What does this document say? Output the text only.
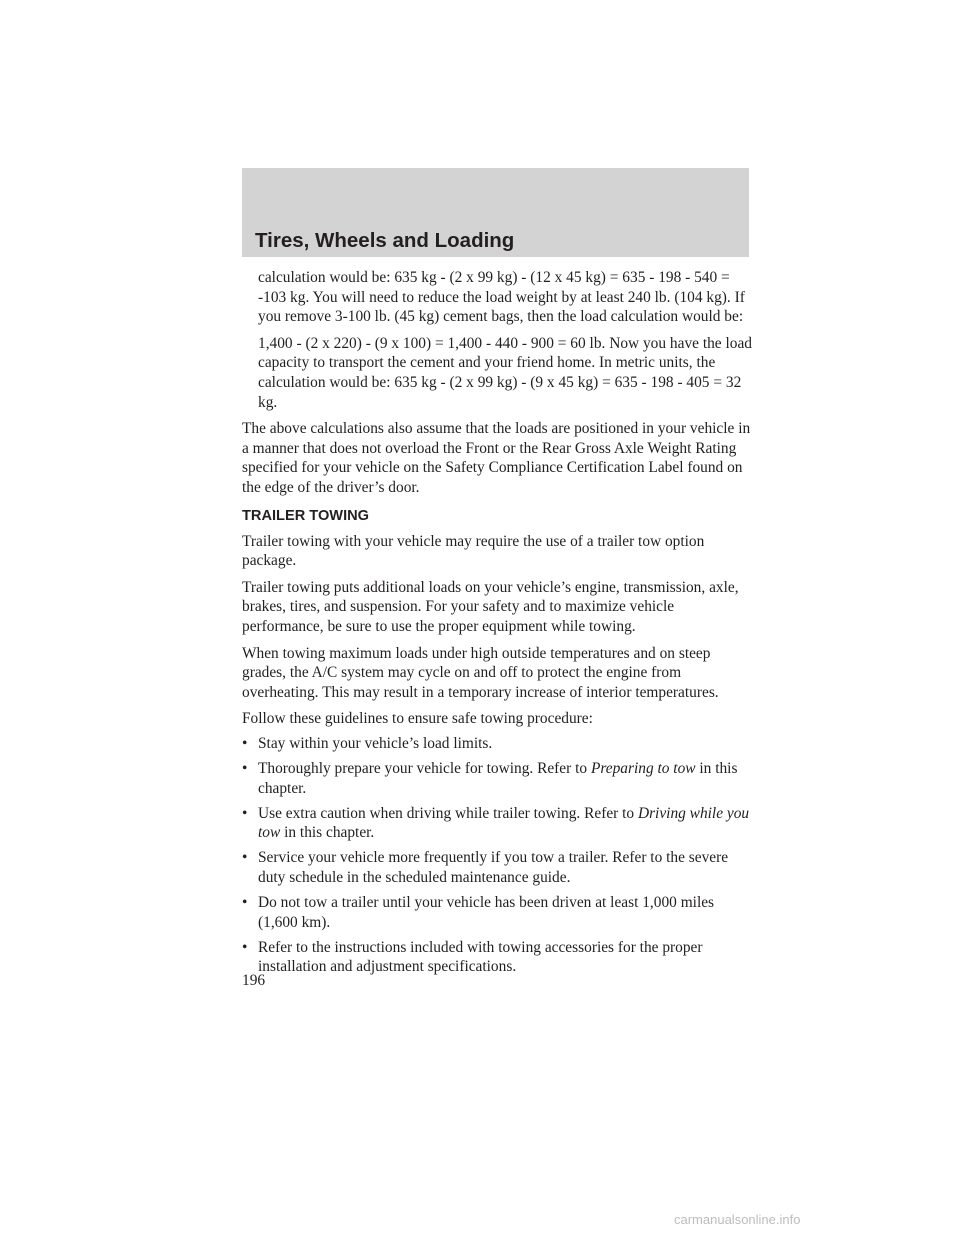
Tires, Wheels and Loading

calculation would be: 635 kg - (2 x 99 kg) - (12 x 45 kg) = 635 - 198 - 540 = -103 kg. You will need to reduce the load weight by at least 240 lb. (104 kg). If you remove 3-100 lb. (45 kg) cement bags, then the load calculation would be:

1,400 - (2 x 220) - (9 x 100) = 1,400 - 440 - 900 = 60 lb. Now you have the load capacity to transport the cement and your friend home. In metric units, the calculation would be: 635 kg - (2 x 99 kg) - (9 x 45 kg) = 635 - 198 - 405 = 32 kg.

The above calculations also assume that the loads are positioned in your vehicle in a manner that does not overload the Front or the Rear Gross Axle Weight Rating specified for your vehicle on the Safety Compliance Certification Label found on the edge of the driver’s door.

TRAILER TOWING

Trailer towing with your vehicle may require the use of a trailer tow option package.

Trailer towing puts additional loads on your vehicle’s engine, transmission, axle, brakes, tires, and suspension. For your safety and to maximize vehicle performance, be sure to use the proper equipment while towing.

When towing maximum loads under high outside temperatures and on steep grades, the A/C system may cycle on and off to protect the engine from overheating. This may result in a temporary increase of interior temperatures.

Follow these guidelines to ensure safe towing procedure:

• Stay within your vehicle’s load limits.
• Thoroughly prepare your vehicle for towing. Refer to Preparing to tow in this chapter.
• Use extra caution when driving while trailer towing. Refer to Driving while you tow in this chapter.
• Service your vehicle more frequently if you tow a trailer. Refer to the severe duty schedule in the scheduled maintenance guide.
• Do not tow a trailer until your vehicle has been driven at least 1,000 miles (1,600 km).
• Refer to the instructions included with towing accessories for the proper installation and adjustment specifications.
196
carmanualsonline.info
